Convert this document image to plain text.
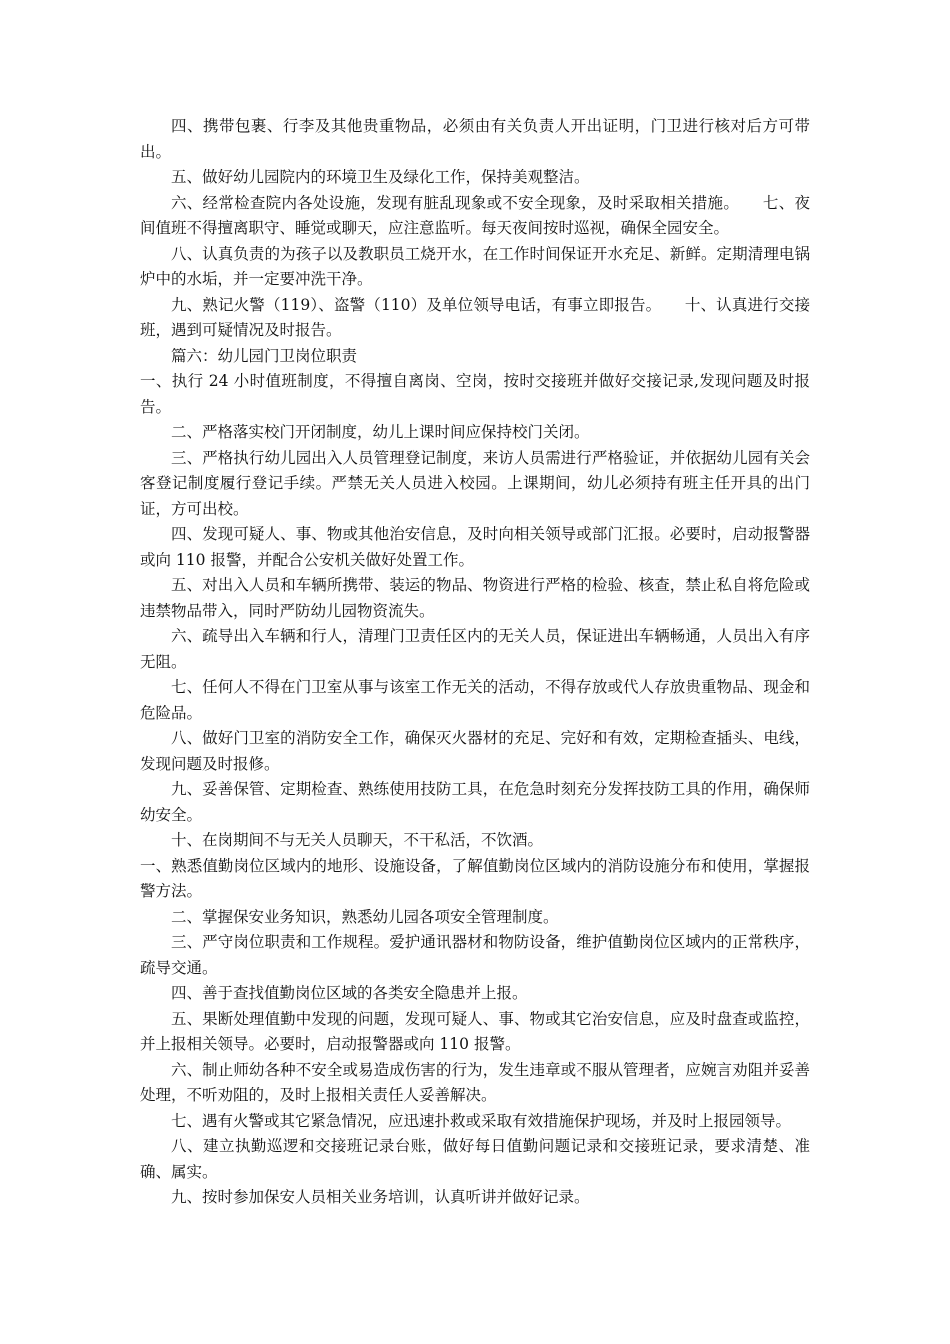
四、携带包裹、行李及其他贵重物品，必须由有关负责人开出证明，门卫进行核对后方可带出。

五、做好幼儿园院内的环境卫生及绿化工作，保持美观整洁。

六、经常检查院内各处设施，发现有脏乱现象或不安全现象，及时采取相关措施。　　七、夜间值班不得擅离职守、睡觉或聊天，应注意监听。每天夜间按时巡视，确保全园安全。

八、认真负责的为孩子以及教职员工烧开水，在工作时间保证开水充足、新鲜。定期清理电锅炉中的水垢，并一定要冲洗干净。

九、熟记火警（119）、盗警（110）及单位领导电话，有事立即报告。　　十、认真进行交接班，遇到可疑情况及时报告。

篇六：幼儿园门卫岗位职责

一、执行 24 小时值班制度，不得擅自离岗、空岗，按时交接班并做好交接记录,发现问题及时报告。

二、严格落实校门开闭制度，幼儿上课时间应保持校门关闭。

三、严格执行幼儿园出入人员管理登记制度，来访人员需进行严格验证，并依据幼儿园有关会客登记制度履行登记手续。严禁无关人员进入校园。上课期间，幼儿必须持有班主任开具的出门证，方可出校。

四、发现可疑人、事、物或其他治安信息，及时向相关领导或部门汇报。必要时，启动报警器或向 110 报警，并配合公安机关做好处置工作。

五、对出入人员和车辆所携带、装运的物品、物资进行严格的检验、核查，禁止私自将危险或违禁物品带入，同时严防幼儿园物资流失。

六、疏导出入车辆和行人，清理门卫责任区内的无关人员，保证进出车辆畅通，人员出入有序无阻。

七、任何人不得在门卫室从事与该室工作无关的活动，不得存放或代人存放贵重物品、现金和危险品。

八、做好门卫室的消防安全工作，确保灭火器材的充足、完好和有效，定期检查插头、电线，发现问题及时报修。

九、妥善保管、定期检查、熟练使用技防工具，在危急时刻充分发挥技防工具的作用，确保师幼安全。

十、在岗期间不与无关人员聊天，不干私活，不饮酒。

一、熟悉值勤岗位区域内的地形、设施设备，了解值勤岗位区域内的消防设施分布和使用，掌握报警方法。

二、掌握保安业务知识，熟悉幼儿园各项安全管理制度。

三、严守岗位职责和工作规程。爱护通讯器材和物防设备，维护值勤岗位区域内的正常秩序，疏导交通。

四、善于查找值勤岗位区域的各类安全隐患并上报。

五、果断处理值勤中发现的问题，发现可疑人、事、物或其它治安信息，应及时盘查或监控，并上报相关领导。必要时，启动报警器或向 110 报警。

六、制止师幼各种不安全或易造成伤害的行为，发生违章或不服从管理者，应婉言劝阻并妥善处理，不听劝阻的，及时上报相关责任人妥善解决。

七、遇有火警或其它紧急情况，应迅速扑救或采取有效措施保护现场，并及时上报园领导。

八、建立执勤巡逻和交接班记录台账，做好每日值勤问题记录和交接班记录，要求清楚、准确、属实。

九、按时参加保安人员相关业务培训，认真听讲并做好记录。
